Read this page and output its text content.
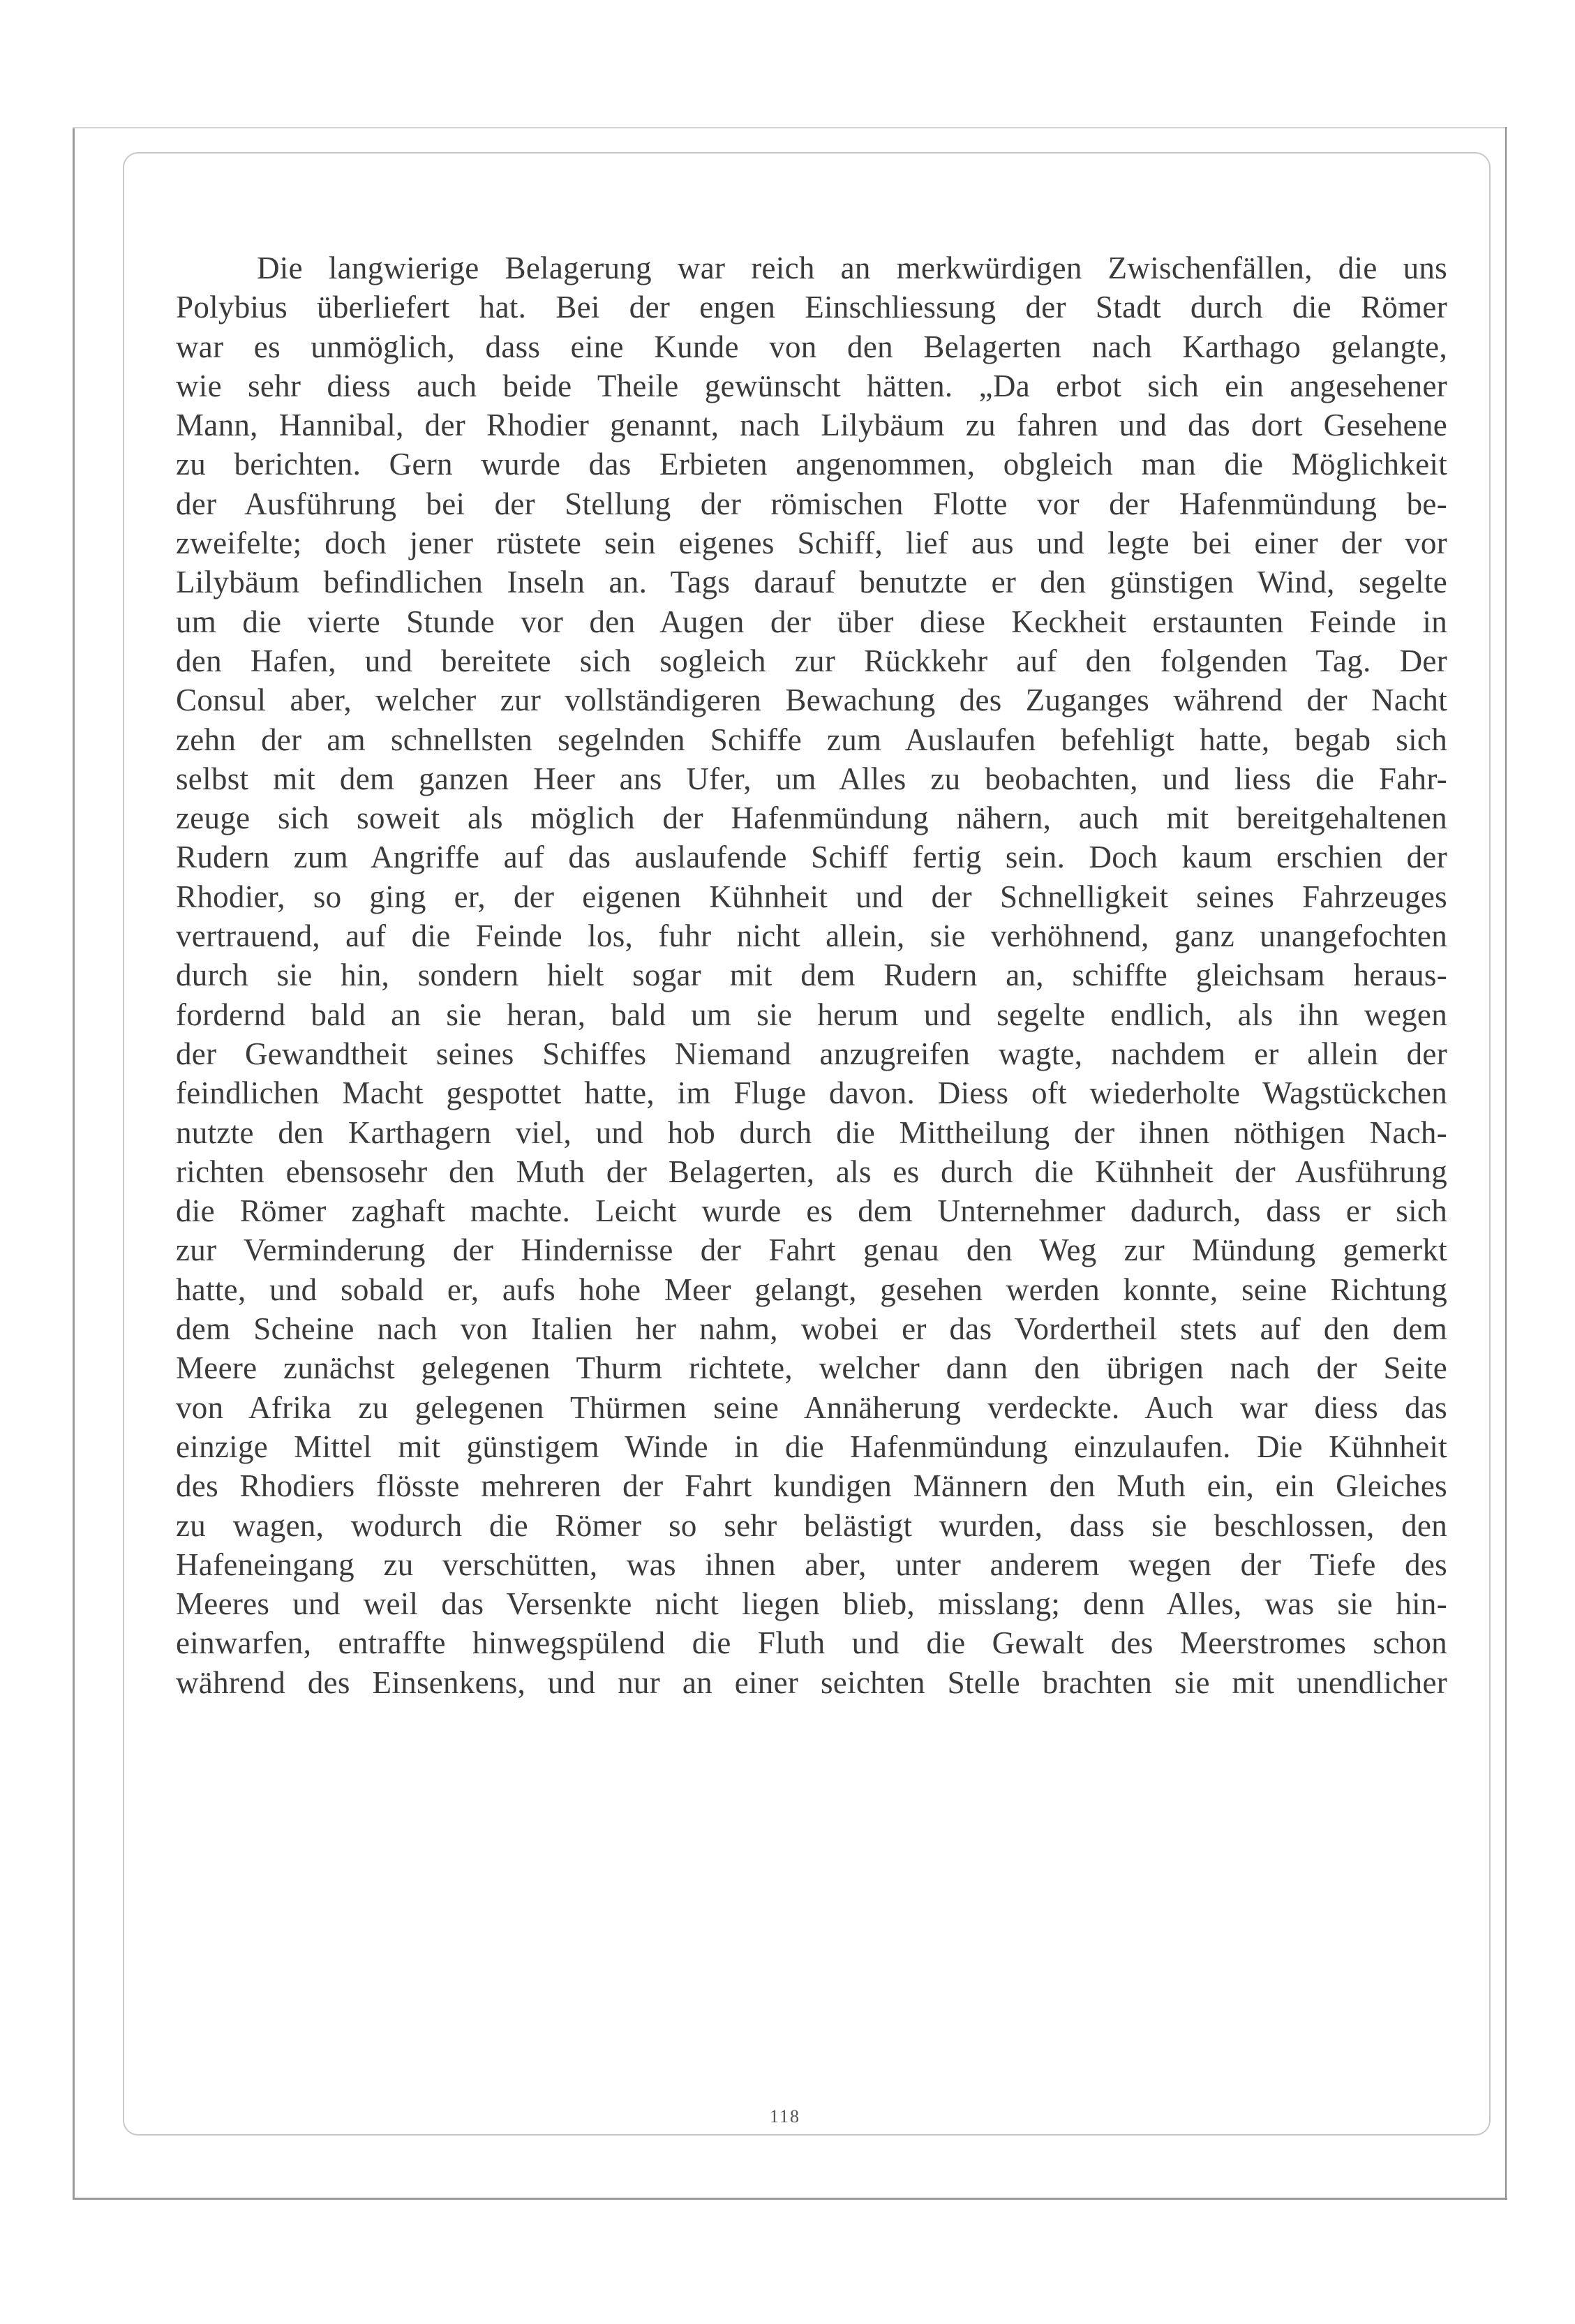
Die langwierige Belagerung war reich an merkwürdigen Zwischenfällen, die uns
Polybius überliefert hat. Bei der engen Einschliessung der Stadt durch die Römer
war es unmöglich, dass eine Kunde von den Belagerten nach Karthago gelangte,
wie sehr diess auch beide Theile gewünscht hätten. „Da erbot sich ein angesehener
Mann, Hannibal, der Rhodier genannt, nach Lilybäum zu fahren und das dort Gesehene
zu berichten. Gern wurde das Erbieten angenommen, obgleich man die Möglichkeit
der Ausführung bei der Stellung der römischen Flotte vor der Hafenmündung be-
zweifelte; doch jener rüstete sein eigenes Schiff, lief aus und legte bei einer der vor
Lilybäum befindlichen Inseln an. Tags darauf benutzte er den günstigen Wind, segelte
um die vierte Stunde vor den Augen der über diese Keckheit erstaunten Feinde in
den Hafen, und bereitete sich sogleich zur Rückkehr auf den folgenden Tag. Der
Consul aber, welcher zur vollständigeren Bewachung des Zuganges während der Nacht
zehn der am schnellsten segelnden Schiffe zum Auslaufen befehligt hatte, begab sich
selbst mit dem ganzen Heer ans Ufer, um Alles zu beobachten, und liess die Fahr-
zeuge sich soweit als möglich der Hafenmündung nähern, auch mit bereitgehaltenen
Rudern zum Angriffe auf das auslaufende Schiff fertig sein. Doch kaum erschien der
Rhodier, so ging er, der eigenen Kühnheit und der Schnelligkeit seines Fahrzeuges
vertrauend, auf die Feinde los, fuhr nicht allein, sie verhöhnend, ganz unangefochten
durch sie hin, sondern hielt sogar mit dem Rudern an, schiffte gleichsam heraus-
fordernd bald an sie heran, bald um sie herum und segelte endlich, als ihn wegen
der Gewandtheit seines Schiffes Niemand anzugreifen wagte, nachdem er allein der
feindlichen Macht gespottet hatte, im Fluge davon. Diess oft wiederholte Wagstückchen
nutzte den Karthagern viel, und hob durch die Mittheilung der ihnen nöthigen Nach-
richten ebensosehr den Muth der Belagerten, als es durch die Kühnheit der Ausführung
die Römer zaghaft machte. Leicht wurde es dem Unternehmer dadurch, dass er sich
zur Verminderung der Hindernisse der Fahrt genau den Weg zur Mündung gemerkt
hatte, und sobald er, aufs hohe Meer gelangt, gesehen werden konnte, seine Richtung
dem Scheine nach von Italien her nahm, wobei er das Vordertheil stets auf den dem
Meere zunächst gelegenen Thurm richtete, welcher dann den übrigen nach der Seite
von Afrika zu gelegenen Thürmen seine Annäherung verdeckte. Auch war diess das
einzige Mittel mit günstigem Winde in die Hafenmündung einzulaufen. Die Kühnheit
des Rhodiers flösste mehreren der Fahrt kundigen Männern den Muth ein, ein Gleiches
zu wagen, wodurch die Römer so sehr belästigt wurden, dass sie beschlossen, den
Hafeneingang zu verschütten, was ihnen aber, unter anderem wegen der Tiefe des
Meeres und weil das Versenkte nicht liegen blieb, misslang; denn Alles, was sie hin-
einwarfen, entraffte hinwegspülend die Fluth und die Gewalt des Meerstromes schon
während des Einsenkens, und nur an einer seichten Stelle brachten sie mit unendlicher
118
